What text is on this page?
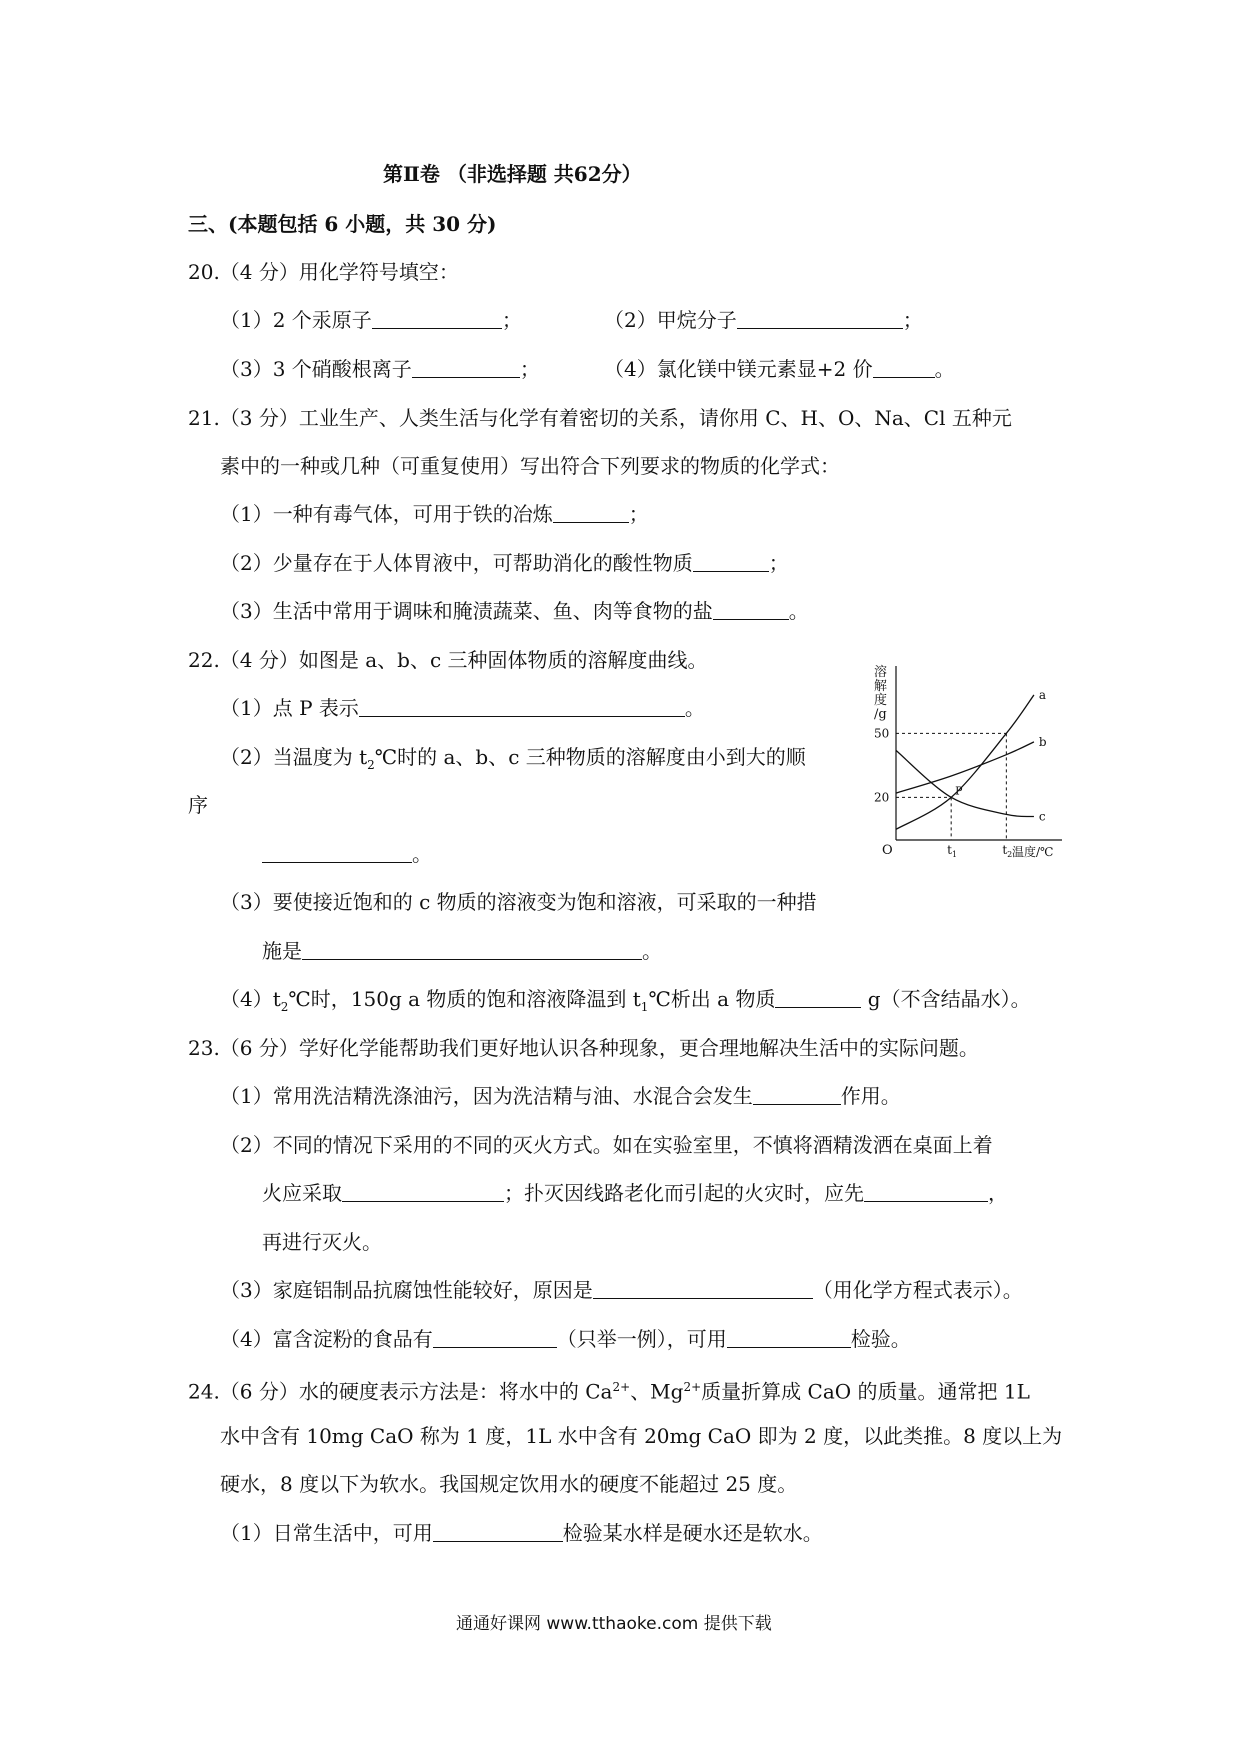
第Ⅱ卷 （非选择题 共62分）
三、(本题包括 6 小题，共 30 分)
20.（4 分）用化学符号填空：
（1）2 个汞原子	；	（2）甲烷分子	；
（3）3 个硝酸根离子	；	（4）氯化镁中镁元素显+2 价	。
21.（3 分）工业生产、人类生活与化学有着密切的关系，请你用 C、H、O、Na、Cl 五种元
素中的一种或几种（可重复使用）写出符合下列要求的物质的化学式：
（1）一种有毒气体，可用于铁的冶炼	；
（2）少量存在于人体胃液中，可帮助消化的酸性物质	；
（3）生活中常用于调味和腌渍蔬菜、鱼、肉等食物的盐	。
22.（4 分）如图是 a、b、c 三种固体物质的溶解度曲线。
（1）点 P 表示	。
（2）当温度为 $t_2℃$时的 a、b、c 三种物质的溶解度由小到大的顺
序
。
（3）要使接近饱和的 c 物质的溶液变为饱和溶液，可采取的一种措
施是	。
$(4)t_2℃$时，150g a 物质的饱和溶液降温到 $t_1℃$析出 a 物质	g（不含结晶水）。
溶解度/g
O	温度/℃
20
50
$t_1$	$t_2$
a
b
c
P
23.（6 分）学好化学能帮助我们更好地认识各种现象，更合理地解决生活中的实际问题。
（1）常用洗洁精洗涤油污，因为洗洁精与油、水混合会发生	作用。
（2）不同的情况下采用的不同的灭火方式。如在实验室里，不慎将酒精泼洒在桌面上着
火应采取	；扑灭因线路老化而引起的火灾时，应先	，
再进行灭火。
（3）家庭铝制品抗腐蚀性能较好，原因是	（用化学方程式表示）。
（4）富含淀粉的食品有	（只举一例），可用	检验。
24.（6 分）水的硬度表示方法是：将水中的 $Ca^{2+}$、$Mg^{2+}$质量折算成 CaO 的质量。通常把 1L
水中含有 10mg CaO 称为 1 度，1L 水中含有 20mg CaO 即为 2 度，以此类推。8 度以上为
硬水，8 度以下为软水。我国规定饮用水的硬度不能超过 25 度。
（1）日常生活中，可用	检验某水样是硬水还是软水。
通通好课网 www.tthaoke.com 提供下载
